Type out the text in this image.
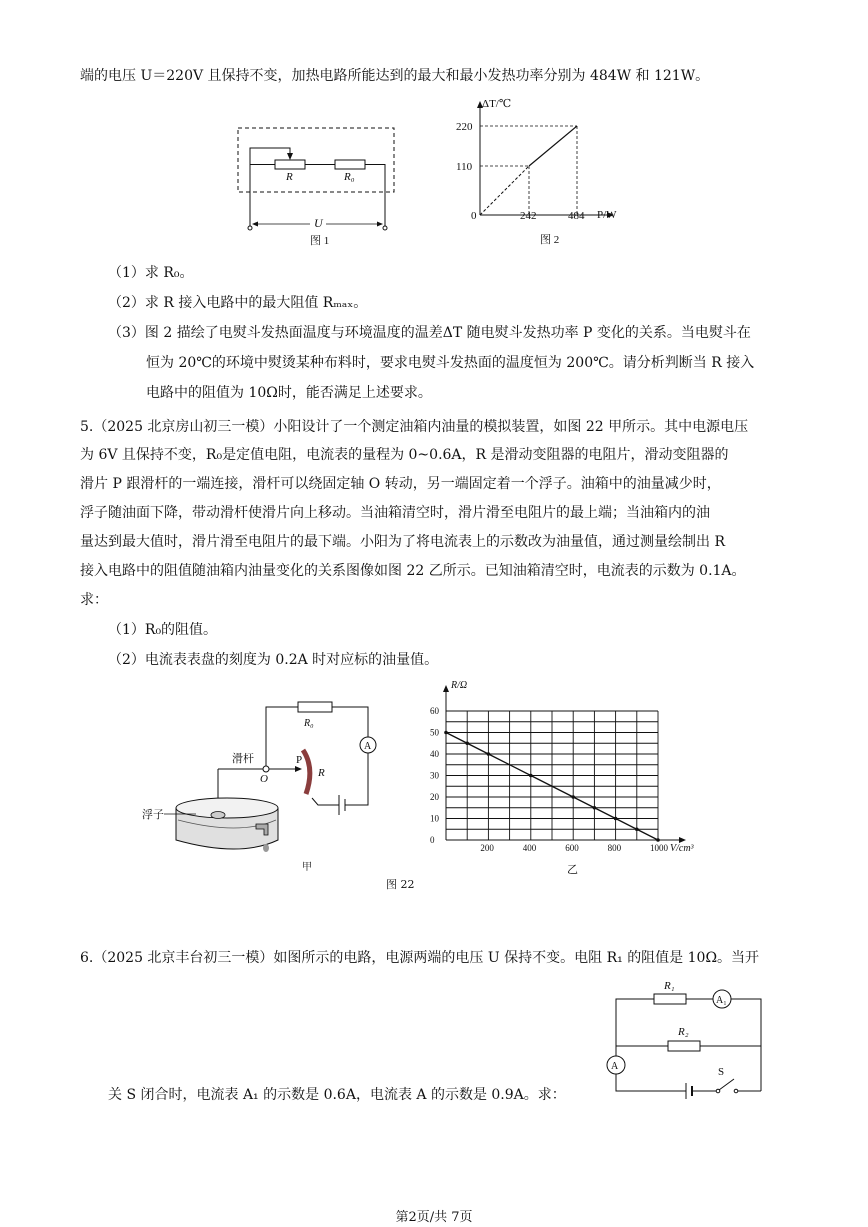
端的电压 U＝220V 且保持不变，加热电路所能达到的最大和最小发热功率分别为 484W 和 121W。
（1）求 R₀。
（2）求 R 接入电路中的最大阻值 Rₘₐₓ。
（3）图 2 描绘了电熨斗发热面温度与环境温度的温差ΔT 随电熨斗发热功率 P 变化的关系。当电熨斗在
恒为 20℃的环境中熨烫某种布料时，要求电熨斗发热面的温度恒为 200℃。请分析判断当 R 接入
电路中的阻值为 10Ω时，能否满足上述要求。
5.（2025 北京房山初三一模）小阳设计了一个测定油箱内油量的模拟装置，如图 22 甲所示。其中电源电压
为 6V 且保持不变，R₀是定值电阻，电流表的量程为 0~0.6A，R 是滑动变阻器的电阻片，滑动变阻器的
滑片 P 跟滑杆的一端连接，滑杆可以绕固定轴 O 转动，另一端固定着一个浮子。油箱中的油量减少时，
浮子随油面下降，带动滑杆使滑片向上移动。当油箱清空时，滑片滑至电阻片的最上端；当油箱内的油
量达到最大值时，滑片滑至电阻片的最下端。小阳为了将电流表上的示数改为油量值，通过测量绘制出 R
接入电路中的阻值随油箱内油量变化的关系图像如图 22 乙所示。已知油箱清空时，电流表的示数为 0.1A。
求：
（1）R₀的阻值。
（2）电流表表盘的刻度为 0.2A 时对应标的油量值。
6.（2025 北京丰台初三一模）如图所示的电路，电源两端的电压 U 保持不变。电阻 R₁ 的阻值是 10Ω。当开
关 S 闭合时，电流表 A₁ 的示数是 0.6A，电流表 A 的示数是 0.9A。求：
R	R₀
U
图 1
ΔT/℃
P/W
0
220
110
242	484
图 2
A
滑杆
O
P
R
R₀
浮子
甲
200	400	600	800	1000
0
10
20
30
40
50
60
R/Ω
V/cm³
乙
图 22
A₁
A
R₁
R₂
S
第2页/共 7页
